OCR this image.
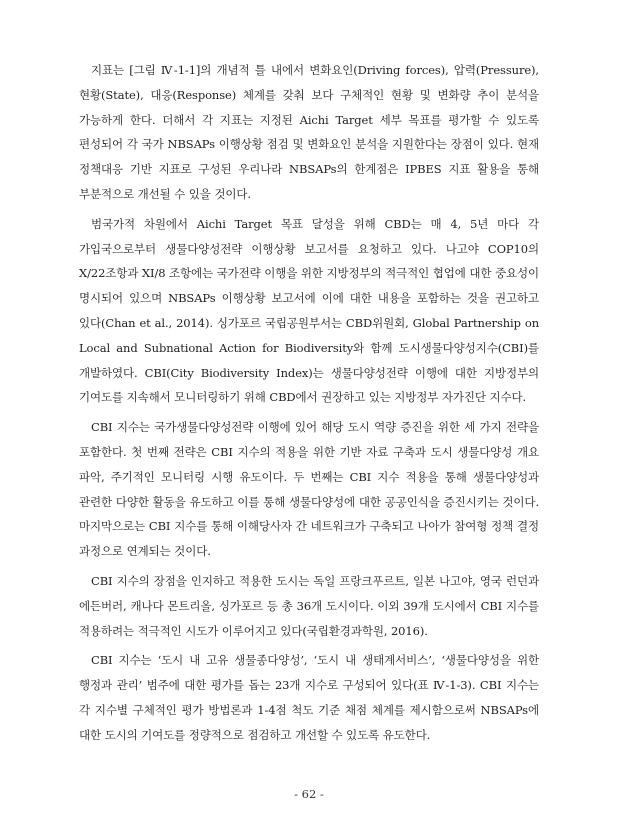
지표는 [그림 Ⅳ-1-1]의 개념적 틀 내에서 변화요인(Driving forces), 압력(Pressure), 현황(State), 대응(Response) 체계를 갖춰 보다 구체적인 현황 및 변화량 추이 분석을 가능하게 한다. 더해서 각 지표는 지정된 Aichi Target 세부 목표를 평가할 수 있도록 편성되어 각 국가 NBSAPs 이행상황 점검 및 변화요인 분석을 지원한다는 장점이 있다. 현재 정책대응 기반 지표로 구성된 우리나라 NBSAPs의 한계점은 IPBES 지표 활용을 통해 부분적으로 개선될 수 있을 것이다.

범국가적 차원에서 Aichi Target 목표 달성을 위해 CBD는 매 4, 5년 마다 각 가입국으로부터 생물다양성전략 이행상황 보고서를 요청하고 있다. 나고야 COP10의 X/22조항과 XI/8 조항에는 국가전략 이행을 위한 지방정부의 적극적인 협업에 대한 중요성이 명시되어 있으며 NBSAPs 이행상황 보고서에 이에 대한 내용을 포함하는 것을 권고하고 있다(Chan et al., 2014). 싱가포르 국립공원부서는 CBD위원회, Global Partnership on Local and Subnational Action for Biodiversity와 함께 도시생물다양성지수(CBI)를 개발하였다. CBI(City Biodiversity Index)는 생물다양성전략 이행에 대한 지방정부의 기여도를 지속해서 모니터링하기 위해 CBD에서 권장하고 있는 지방정부 자가진단 지수다.

CBI 지수는 국가생물다양성전략 이행에 있어 해당 도시 역량 증진을 위한 세 가지 전략을 포함한다. 첫 번째 전략은 CBI 지수의 적용을 위한 기반 자료 구축과 도시 생물다양성 개요 파악, 주기적인 모니터링 시행 유도이다. 두 번째는 CBI 지수 적용을 통해 생물다양성과 관련한 다양한 활동을 유도하고 이를 통해 생물다양성에 대한 공공인식을 증진시키는 것이다. 마지막으로는 CBI 지수를 통해 이해당사자 간 네트워크가 구축되고 나아가 참여형 정책 결정 과정으로 연계되는 것이다.

CBI 지수의 장점을 인지하고 적용한 도시는 독일 프랑크푸르트, 일본 나고야, 영국 런던과 에든버러, 캐나다 몬트리올, 싱가포르 등 총 36개 도시이다. 이외 39개 도시에서 CBI 지수를 적용하려는 적극적인 시도가 이루어지고 있다(국립환경과학원, 2016).

CBI 지수는 ‘도시 내 고유 생물종다양성’, ‘도시 내 생태계서비스’, ‘생물다양성을 위한 행정과 관리’ 범주에 대한 평가를 돕는 23개 지수로 구성되어 있다(표 Ⅳ-1-3). CBI 지수는 각 지수별 구체적인 평가 방법론과 1-4점 척도 기준 채점 체계를 제시함으로써 NBSAPs에 대한 도시의 기여도를 정량적으로 점검하고 개선할 수 있도록 유도한다.

- 62 -
